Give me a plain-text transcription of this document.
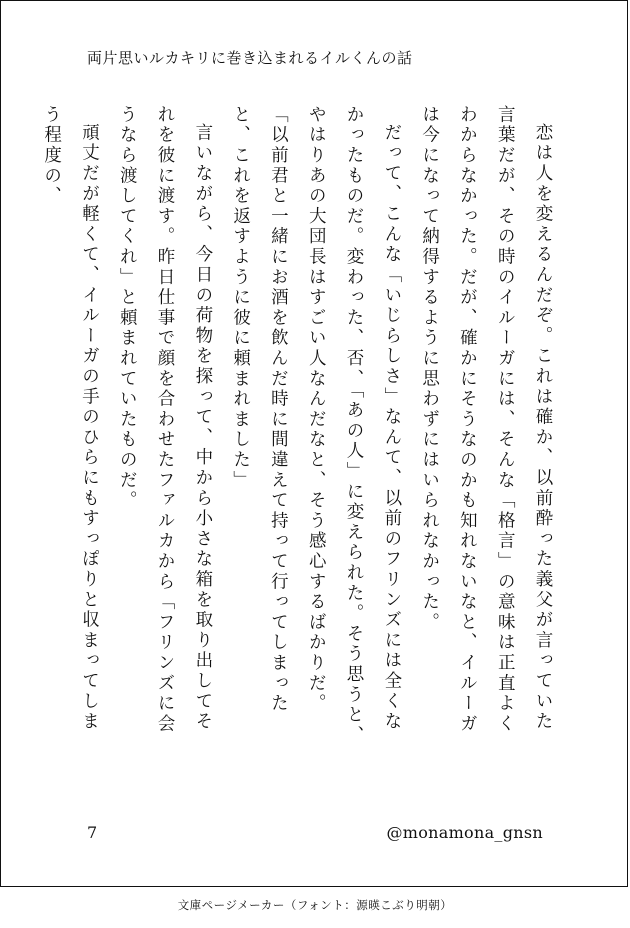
両片思いルカキリに巻き込まれるイルくんの話

恋は人を変えるんだぞ。これは確か、以前酔った義父が言っていた言葉だが、その時のイルーガには、そんな「格言」の意味は正直よくわからなかった。だが、確かにそうなのかも知れないなと、イルーガは今になって納得するように思わずにはいられなかった。

だって、こんな「いじらしさ」なんて、以前のフリンズには全くなかったものだ。変わった、否、「あの人」に変えられた。そう思うと、やはりあの大団長はすごい人なんだなと、そう感心するばかりだ。

「以前君と一緒にお酒を飲んだ時に間違えて持って行ってしまったと、これを返すように彼に頼まれました」

言いながら、今日の荷物を探って、中から小さな箱を取り出してそれを彼に渡す。昨日仕事で顔を合わせたファルカから「フリンズに会うなら渡してくれ」と頼まれていたものだ。

頑丈だが軽くて、イルーガの手のひらにもすっぽりと収まってしまう程度の、

7	@monamona_gnsn
文庫ページメーカー（フォント：源暎こぶり明朝）
